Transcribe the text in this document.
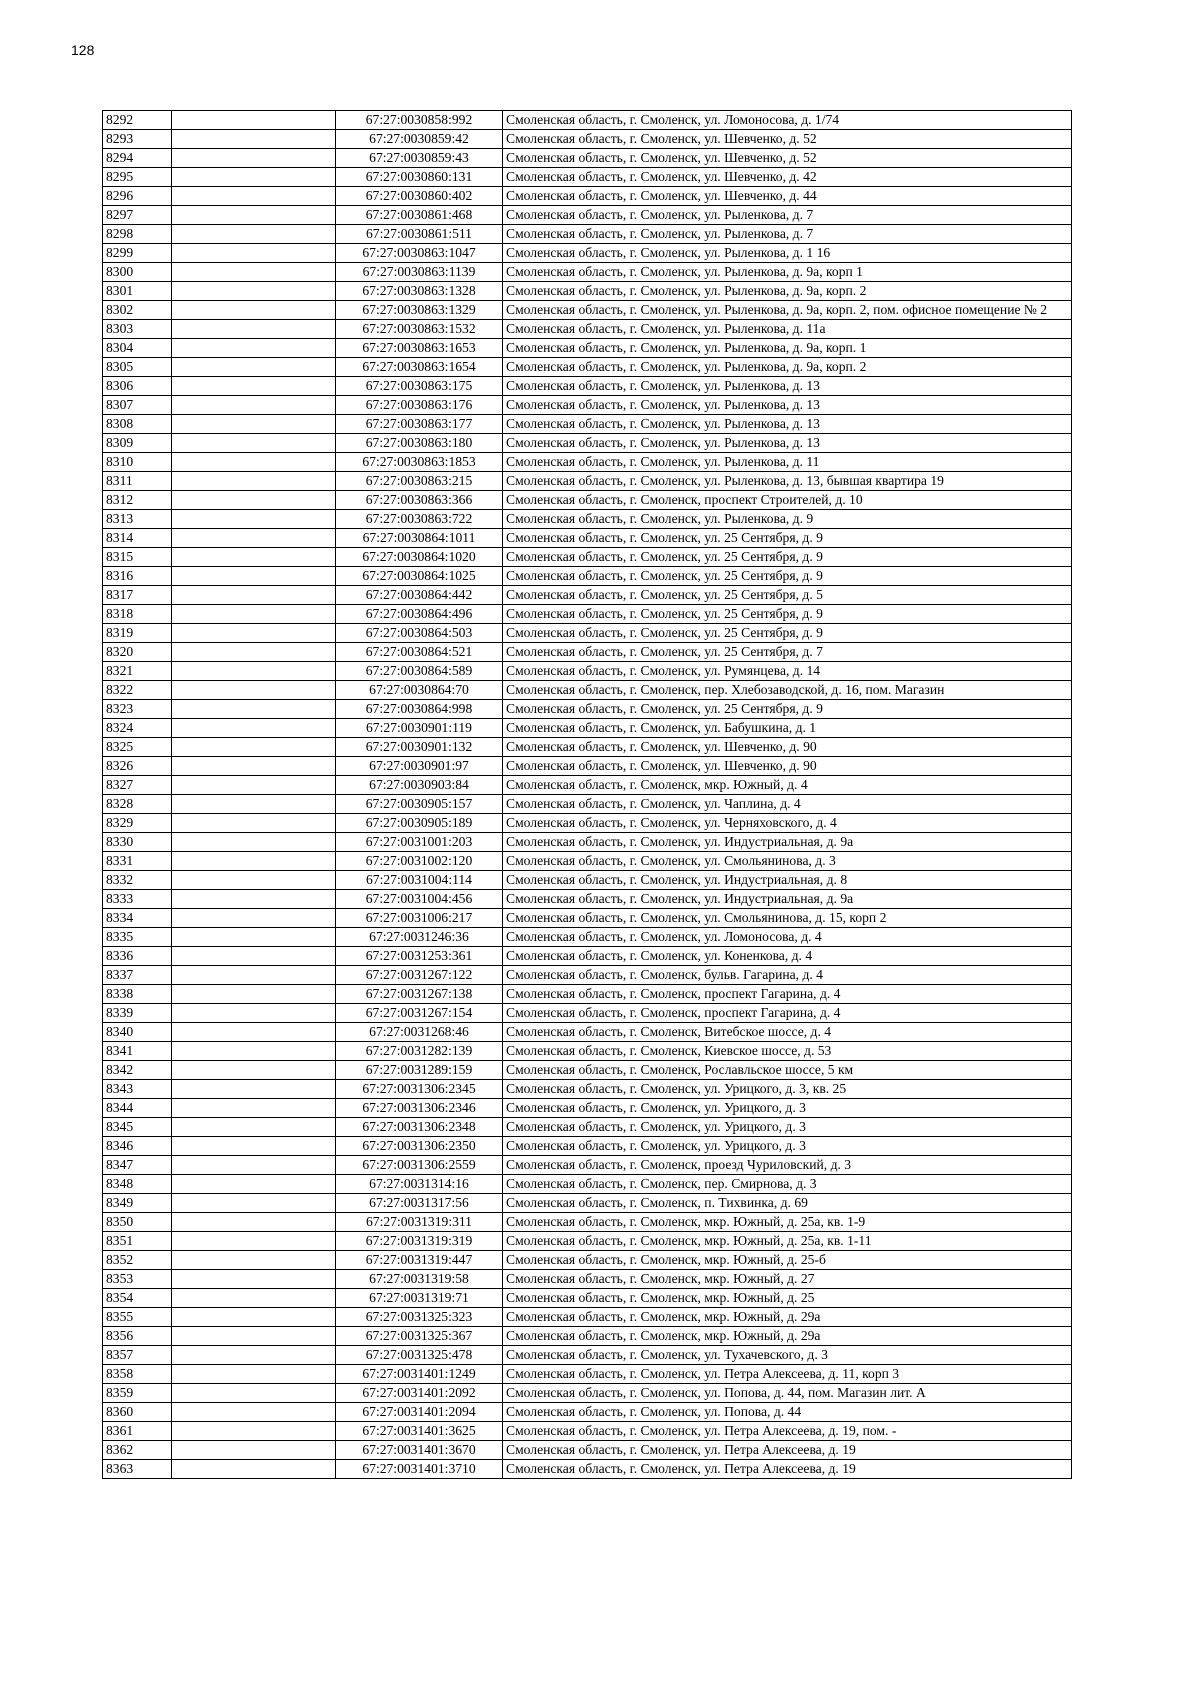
128
8292		67:27:0030858:992	Смоленская область, г. Смоленск, ул. Ломоносова, д. 1/74
8293		67:27:0030859:42	Смоленская область, г. Смоленск, ул. Шевченко, д. 52
8294		67:27:0030859:43	Смоленская область, г. Смоленск, ул. Шевченко, д. 52
8295		67:27:0030860:131	Смоленская область, г. Смоленск, ул. Шевченко, д. 42
8296		67:27:0030860:402	Смоленская область, г. Смоленск, ул. Шевченко, д. 44
8297		67:27:0030861:468	Смоленская область, г. Смоленск, ул. Рыленкова, д. 7
8298		67:27:0030861:511	Смоленская область, г. Смоленск, ул. Рыленкова, д. 7
8299		67:27:0030863:1047	Смоленская область, г. Смоленск, ул. Рыленкова, д. 1 16
8300		67:27:0030863:1139	Смоленская область, г. Смоленск, ул. Рыленкова, д. 9а, корп 1
8301		67:27:0030863:1328	Смоленская область, г. Смоленск, ул. Рыленкова, д. 9а, корп. 2
8302		67:27:0030863:1329	Смоленская область, г. Смоленск, ул. Рыленкова, д. 9а, корп. 2, пом. офисное помещение № 2
8303		67:27:0030863:1532	Смоленская область, г. Смоленск, ул. Рыленкова, д. 11а
8304		67:27:0030863:1653	Смоленская область, г. Смоленск, ул. Рыленкова, д. 9а, корп. 1
8305		67:27:0030863:1654	Смоленская область, г. Смоленск, ул. Рыленкова, д. 9а, корп. 2
8306		67:27:0030863:175	Смоленская область, г. Смоленск, ул. Рыленкова, д. 13
8307		67:27:0030863:176	Смоленская область, г. Смоленск, ул. Рыленкова, д. 13
8308		67:27:0030863:177	Смоленская область, г. Смоленск, ул. Рыленкова, д. 13
8309		67:27:0030863:180	Смоленская область, г. Смоленск, ул. Рыленкова, д. 13
8310		67:27:0030863:1853	Смоленская область, г. Смоленск, ул. Рыленкова, д. 11
8311		67:27:0030863:215	Смоленская область, г. Смоленск, ул. Рыленкова, д. 13, бывшая квартира 19
8312		67:27:0030863:366	Смоленская область, г. Смоленск, проспект Строителей, д. 10
8313		67:27:0030863:722	Смоленская область, г. Смоленск, ул. Рыленкова, д. 9
8314		67:27:0030864:1011	Смоленская область, г. Смоленск, ул. 25 Сентября, д. 9
8315		67:27:0030864:1020	Смоленская область, г. Смоленск, ул. 25 Сентября, д. 9
8316		67:27:0030864:1025	Смоленская область, г. Смоленск, ул. 25 Сентября, д. 9
8317		67:27:0030864:442	Смоленская область, г. Смоленск, ул. 25 Сентября, д. 5
8318		67:27:0030864:496	Смоленская область, г. Смоленск, ул. 25 Сентября, д. 9
8319		67:27:0030864:503	Смоленская область, г. Смоленск, ул. 25 Сентября, д. 9
8320		67:27:0030864:521	Смоленская область, г. Смоленск, ул. 25 Сентября, д. 7
8321		67:27:0030864:589	Смоленская область, г. Смоленск, ул. Румянцева, д. 14
8322		67:27:0030864:70	Смоленская область, г. Смоленск, пер. Хлебозаводской, д. 16, пом. Магазин
8323		67:27:0030864:998	Смоленская область, г. Смоленск, ул. 25 Сентября, д. 9
8324		67:27:0030901:119	Смоленская область, г. Смоленск, ул. Бабушкина, д. 1
8325		67:27:0030901:132	Смоленская область, г. Смоленск, ул. Шевченко, д. 90
8326		67:27:0030901:97	Смоленская область, г. Смоленск, ул. Шевченко, д. 90
8327		67:27:0030903:84	Смоленская область, г. Смоленск, мкр. Южный, д. 4
8328		67:27:0030905:157	Смоленская область, г. Смоленск, ул. Чаплина, д. 4
8329		67:27:0030905:189	Смоленская область, г. Смоленск, ул. Черняховского, д. 4
8330		67:27:0031001:203	Смоленская область, г. Смоленск, ул. Индустриальная, д. 9а
8331		67:27:0031002:120	Смоленская область, г. Смоленск, ул. Смольянинова, д. 3
8332		67:27:0031004:114	Смоленская область, г. Смоленск, ул. Индустриальная, д. 8
8333		67:27:0031004:456	Смоленская область, г. Смоленск, ул. Индустриальная, д. 9а
8334		67:27:0031006:217	Смоленская область, г. Смоленск, ул. Смольянинова, д. 15, корп 2
8335		67:27:0031246:36	Смоленская область, г. Смоленск, ул. Ломоносова, д. 4
8336		67:27:0031253:361	Смоленская область, г. Смоленск, ул. Коненкова, д. 4
8337		67:27:0031267:122	Смоленская область, г. Смоленск, бульв. Гагарина, д. 4
8338		67:27:0031267:138	Смоленская область, г. Смоленск, проспект Гагарина, д. 4
8339		67:27:0031267:154	Смоленская область, г. Смоленск, проспект Гагарина, д. 4
8340		67:27:0031268:46	Смоленская область, г. Смоленск, Витебское шоссе, д. 4
8341		67:27:0031282:139	Смоленская область, г. Смоленск, Киевское шоссе, д. 53
8342		67:27:0031289:159	Смоленская область, г. Смоленск, Рославльское шоссе, 5 км
8343		67:27:0031306:2345	Смоленская область, г. Смоленск, ул. Урицкого, д. 3, кв. 25
8344		67:27:0031306:2346	Смоленская область, г. Смоленск, ул. Урицкого, д. 3
8345		67:27:0031306:2348	Смоленская область, г. Смоленск, ул. Урицкого, д. 3
8346		67:27:0031306:2350	Смоленская область, г. Смоленск, ул. Урицкого, д. 3
8347		67:27:0031306:2559	Смоленская область, г. Смоленск, проезд Чуриловский, д. 3
8348		67:27:0031314:16	Смоленская область, г. Смоленск, пер. Смирнова, д. 3
8349		67:27:0031317:56	Смоленская область, г. Смоленск, п. Тихвинка, д. 69
8350		67:27:0031319:311	Смоленская область, г. Смоленск, мкр. Южный, д. 25а, кв. 1-9
8351		67:27:0031319:319	Смоленская область, г. Смоленск, мкр. Южный, д. 25а, кв. 1-11
8352		67:27:0031319:447	Смоленская область, г. Смоленск, мкр. Южный, д. 25-б
8353		67:27:0031319:58	Смоленская область, г. Смоленск, мкр. Южный, д. 27
8354		67:27:0031319:71	Смоленская область, г. Смоленск, мкр. Южный, д. 25
8355		67:27:0031325:323	Смоленская область, г. Смоленск, мкр. Южный, д. 29а
8356		67:27:0031325:367	Смоленская область, г. Смоленск, мкр. Южный, д. 29а
8357		67:27:0031325:478	Смоленская область, г. Смоленск, ул. Тухачевского, д. 3
8358		67:27:0031401:1249	Смоленская область, г. Смоленск, ул. Петра Алексеева, д. 11, корп 3
8359		67:27:0031401:2092	Смоленская область, г. Смоленск, ул. Попова, д. 44, пом. Магазин лит. А
8360		67:27:0031401:2094	Смоленская область, г. Смоленск, ул. Попова, д. 44
8361		67:27:0031401:3625	Смоленская область, г. Смоленск, ул. Петра Алексеева, д. 19, пом. -
8362		67:27:0031401:3670	Смоленская область, г. Смоленск, ул. Петра Алексеева, д. 19
8363		67:27:0031401:3710	Смоленская область, г. Смоленск, ул. Петра Алексеева, д. 19
